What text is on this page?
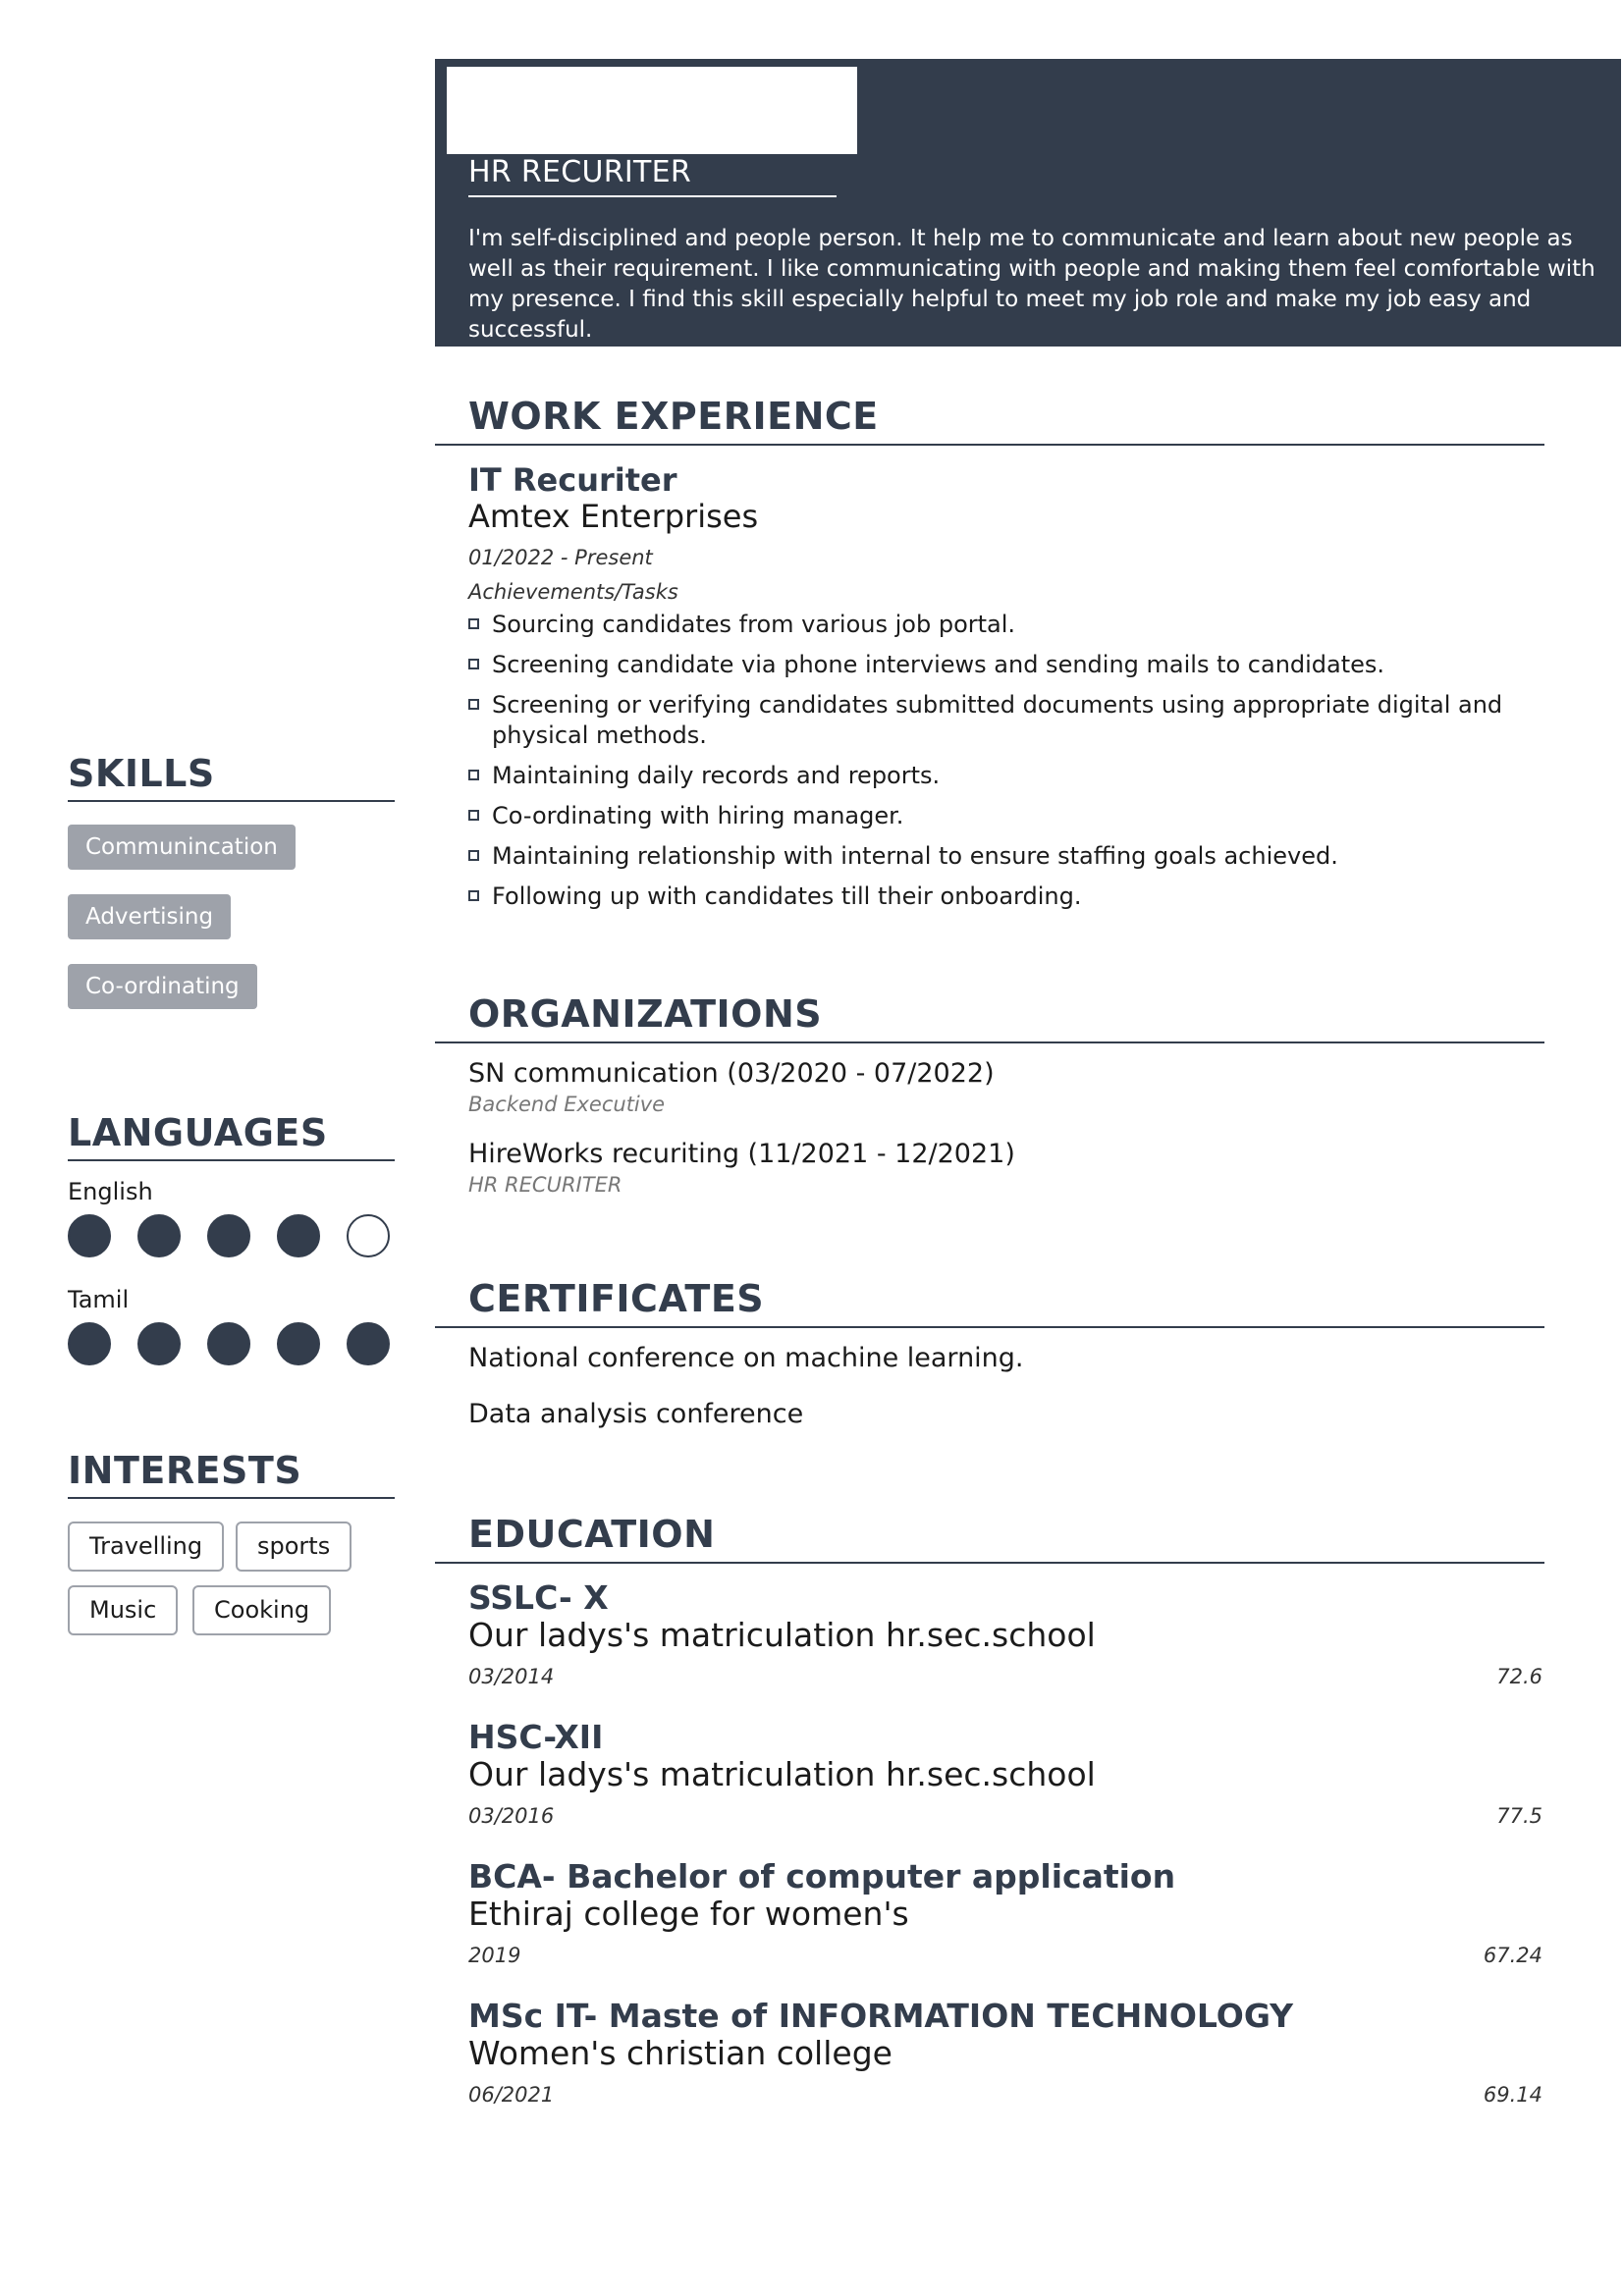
HR RECURITER
I'm self-disciplined and people person. It help me to communicate and learn about new people as well as their requirement. I like communicating with people and making them feel comfortable with my presence. I find this skill especially helpful to meet my job role and make my job easy and successful.
WORK EXPERIENCE
IT Recuriter
Amtex Enterprises
01/2022 - Present
Achievements/Tasks
Sourcing candidates from various job portal.
Screening candidate via phone interviews and sending mails to candidates.
Screening or verifying candidates submitted documents using appropriate digital and physical methods.
Maintaining daily records and reports.
Co-ordinating with hiring manager.
Maintaining relationship with internal to ensure staffing goals achieved.
Following up with candidates till their onboarding.
ORGANIZATIONS
SN communication (03/2020 - 07/2022)
Backend Executive
HireWorks recuriting (11/2021 - 12/2021)
HR RECURITER
CERTIFICATES
National conference on machine learning.
Data analysis conference
EDUCATION
SSLC- X
Our ladys's matriculation hr.sec.school
03/2014	72.6
HSC-XII
Our ladys's matriculation hr.sec.school
03/2016	77.5
BCA- Bachelor of computer application
Ethiraj college for women's
2019	67.24
MSc IT- Maste of INFORMATION TECHNOLOGY
Women's christian college
06/2021	69.14
SKILLS
Communincation
Advertising
Co-ordinating
LANGUAGES
English
Tamil
INTERESTS
Travelling	sports
Music	Cooking
